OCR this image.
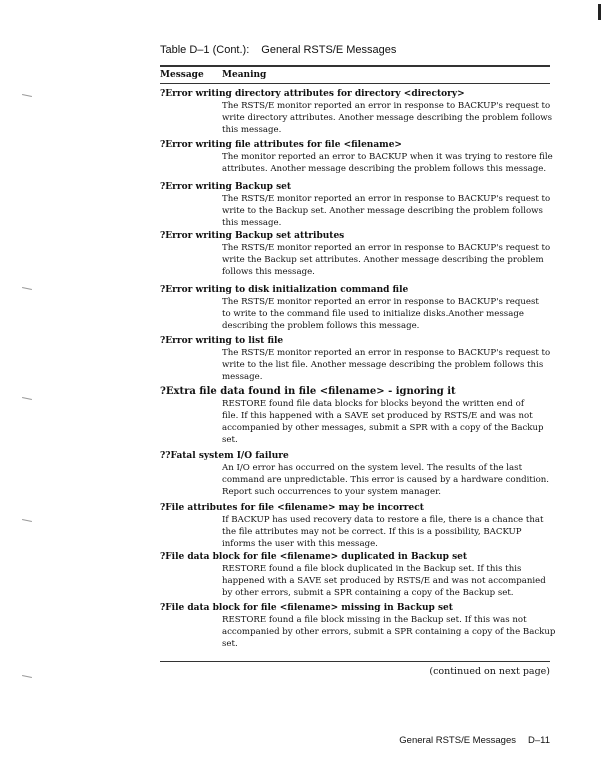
Table D–1 (Cont.): General RSTS/E Messages
Message Meaning
?Error writing directory attributes for directory <directory>
The RSTS/E monitor reported an error in response to BACKUP's request to
write directory attributes. Another message describing the problem follows
this message.
?Error writing file attributes for file <filename>
The monitor reported an error to BACKUP when it was trying to restore file
attributes. Another message describing the problem follows this message.
?Error writing Backup set
The RSTS/E monitor reported an error in response to BACKUP's request to
write to the Backup set. Another message describing the problem follows
this message.
?Error writing Backup set attributes
The RSTS/E monitor reported an error in response to BACKUP's request to
write the Backup set attributes. Another message describing the problem
follows this message.
?Error writing to disk initialization command file
The RSTS/E monitor reported an error in response to BACKUP's request
to write to the command file used to initialize disks.Another message
describing the problem follows this message.
?Error writing to list file
The RSTS/E monitor reported an error in response to BACKUP's request to
write to the list file. Another message describing the problem follows this
message.
?Extra file data found in file <filename> - ignoring it
RESTORE found file data blocks for blocks beyond the written end of
file. If this happened with a SAVE set produced by RSTS/E and was not
accompanied by other messages, submit a SPR with a copy of the Backup
set.
??Fatal system I/O failure
An I/O error has occurred on the system level. The results of the last
command are unpredictable. This error is caused by a hardware condition.
Report such occurrences to your system manager.
?File attributes for file <filename> may be incorrect
If BACKUP has used recovery data to restore a file, there is a chance that
the file attributes may not be correct. If this is a possibility, BACKUP
informs the user with this message.
?File data block for file <filename> duplicated in Backup set
RESTORE found a file block duplicated in the Backup set. If this this
happened with a SAVE set produced by RSTS/E and was not accompanied
by other errors, submit a SPR containing a copy of the Backup set.
?File data block for file <filename> missing in Backup set
RESTORE found a file block missing in the Backup set. If this was not
accompanied by other errors, submit a SPR containing a copy of the Backup
set.
(continued on next page)
General RSTS/E Messages D–11
